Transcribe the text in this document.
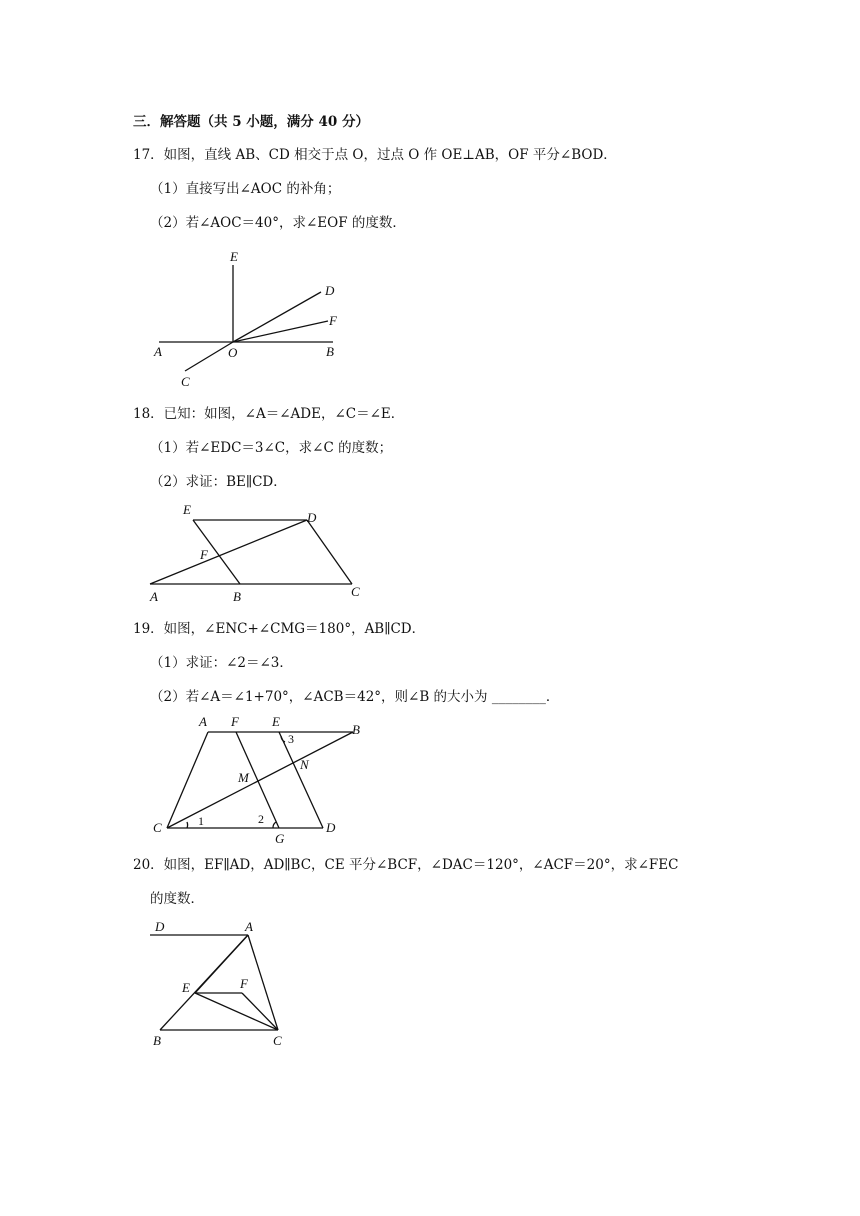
三．解答题（共 5 小题，满分 40 分）
17．如图，直线 AB、CD 相交于点 O，过点 O 作 OE⊥AB，OF 平分∠BOD．
（1）直接写出∠AOC 的补角；
（2）若∠AOC＝40°，求∠EOF 的度数．
E
D
F
A	O	B
C
18．已知：如图，∠A＝∠ADE，∠C＝∠E．
（1）若∠EDC＝3∠C，求∠C 的度数；
（2）求证：BE∥CD．
E
D
F
A	B	C
19．如图，∠ENC+∠CMG＝180°，AB∥CD．
（1）求证：∠2＝∠3．
（2）若∠A＝∠1+70°，∠ACB＝42°，则∠B 的大小为 ________．
A F	E
B
3
M
N
C	1	2
G
D
20．如图，EF∥AD，AD∥BC，CE 平分∠BCF，∠DAC＝120°，∠ACF＝20°，求∠FEC
的度数．
D	A
E	F
B	C
